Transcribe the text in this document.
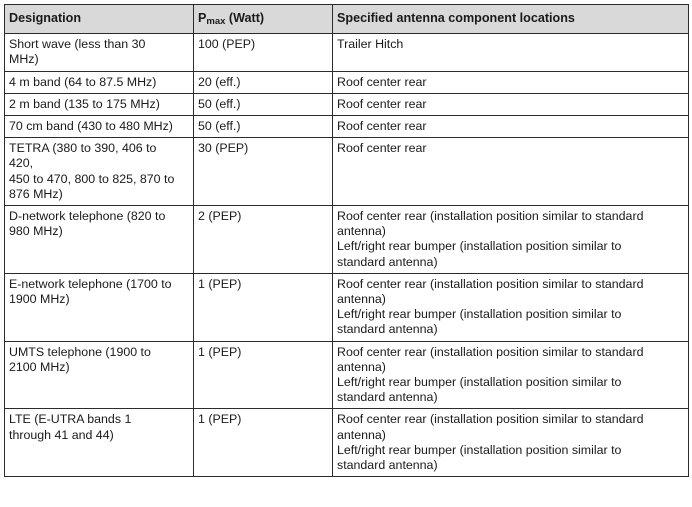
Designation	Pmax (Watt)	Specified antenna component locations
Short wave (less than 30
MHz)	100 (PEP)	Trailer Hitch
4 m band (64 to 87.5 MHz)	20 (eff.)	Roof center rear
2 m band (135 to 175 MHz)	50 (eff.)	Roof center rear
70 cm band (430 to 480 MHz)	50 (eff.)	Roof center rear
TETRA (380 to 390, 406 to
420,
450 to 470, 800 to 825, 870 to
876 MHz)	30 (PEP)	Roof center rear
D-network telephone (820 to
980 MHz)	2 (PEP)	Roof center rear (installation position similar to standard
antenna)
Left/right rear bumper (installation position similar to
standard antenna)
E-network telephone (1700 to
1900 MHz)	1 (PEP)	Roof center rear (installation position similar to standard
antenna)
Left/right rear bumper (installation position similar to
standard antenna)
UMTS telephone (1900 to
2100 MHz)	1 (PEP)	Roof center rear (installation position similar to standard
antenna)
Left/right rear bumper (installation position similar to
standard antenna)
LTE (E-UTRA bands 1
through 41 and 44)	1 (PEP)	Roof center rear (installation position similar to standard
antenna)
Left/right rear bumper (installation position similar to
standard antenna)
